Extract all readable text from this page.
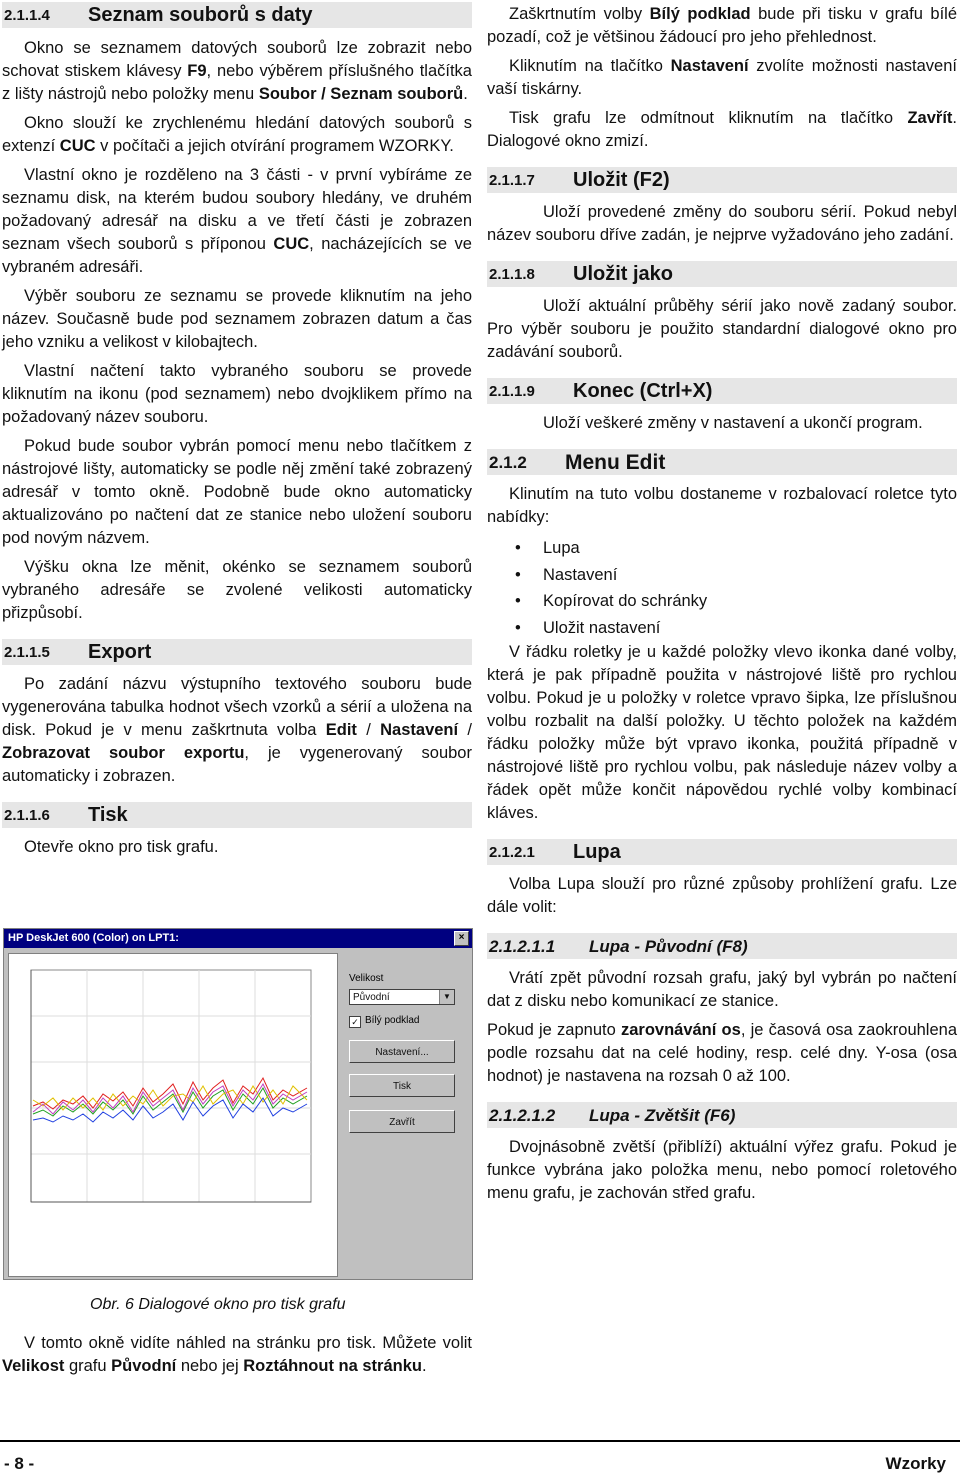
2.1.1.4	Seznam souborů s daty

Okno se seznamem datových souborů lze zobrazit nebo schovat stiskem klávesy F9, nebo výběrem příslušného tlačítka z lišty nástrojů nebo položky menu Soubor / Seznam souborů.

Okno slouží ke zrychlenému hledání datových souborů s extenzí CUC v počítači a jejich otvírání programem WZORKY.

Vlastní okno je rozděleno na 3 části - v první vybíráme ze seznamu disk, na kterém budou soubory hledány, ve druhém požadovaný adresář na disku a ve třetí části je zobrazen seznam všech souborů s příponou CUC, nacházejících se ve vybraném adresáři.

Výběr souboru ze seznamu se provede kliknutím na jeho název. Současně bude pod seznamem zobrazen datum a čas jeho vzniku a velikost v kilobajtech.

Vlastní načtení takto vybraného souboru se provede kliknutím na ikonu (pod seznamem) nebo dvojklikem přímo na požadovaný název souboru.

Pokud bude soubor vybrán pomocí menu nebo tlačítkem z nástrojové lišty, automaticky se podle něj změní také zobrazený adresář v tomto okně. Podobně bude okno automaticky aktualizováno po načtení dat ze stanice nebo uložení souboru pod novým názvem.

Výšku okna lze měnit, okénko se seznamem souborů vybraného adresáře se zvolené velikosti automaticky přizpůsobí.

2.1.1.5	Export

Po zadání názvu výstupního textového souboru bude vygenerována tabulka hodnot všech vzorků a sérií a uložena na disk. Pokud je v menu zaškrtnuta volba Edit / Nastavení / Zobrazovat soubor exportu, je vygenerovaný soubor automaticky i zobrazen.

2.1.1.6	Tisk

Otevře okno pro tisk grafu.

HP DeskJet 600 (Color) on LPT1:	×
Velikost
Původní	▼
✓ Bílý podklad
Nastavení...
Tisk
Zavřít
Obr. 6 Dialogové okno pro tisk grafu

V tomto okně vidíte náhled na stránku pro tisk. Můžete volit Velikost grafu Původní nebo jej Roztáhnout na stránku.

Zaškrtnutím volby Bílý podklad bude při tisku v grafu bílé pozadí, což je většinou žádoucí pro jeho přehlednost.

Kliknutím na tlačítko Nastavení zvolíte možnosti nastavení vaší tiskárny.

Tisk grafu lze odmítnout kliknutím na tlačítko Zavřít. Dialogové okno zmizí.

2.1.1.7	Uložit (F2)

Uloží provedené změny do souboru sérií. Pokud nebyl název souboru dříve zadán, je nejprve vyžadováno jeho zadání.

2.1.1.8	Uložit jako

Uloží aktuální průběhy sérií jako nově zadaný soubor. Pro výběr souboru je použito standardní dialogové okno pro zadávání souborů.

2.1.1.9	Konec (Ctrl+X)

Uloží veškeré změny v nastavení a ukončí program.

2.1.2	Menu Edit

Klinutím na tuto volbu dostaneme v rozbalovací roletce tyto nabídky:

• Lupa
• Nastavení
• Kopírovat do schránky
• Uložit nastavení

V řádku roletky je u každé položky vlevo ikonka dané volby, která je pak případně použita v nástrojové liště pro rychlou volbu. Pokud je u položky v roletce vpravo šipka, lze příslušnou volbu rozbalit na další položky. U těchto položek na každém řádku položky může být vpravo ikonka, použitá případně v nástrojové liště pro rychlou volbu, pak následuje název volby a řádek opět může končit nápovědou rychlé volby kombinací kláves.

2.1.2.1	Lupa

Volba Lupa slouží pro různé způsoby prohlížení grafu. Lze dále volit:

2.1.2.1.1	Lupa - Původní (F8)

Vrátí zpět původní rozsah grafu, jaký byl vybrán po načtení dat z disku nebo komunikací ze stanice.

Pokud je zapnuto zarovnávání os, je časová osa zaokrouhlena podle rozsahu dat na celé hodiny, resp. celé dny. Y-osa (osa hodnot) je nastavena na rozsah 0 až 100.

2.1.2.1.2	Lupa - Zvětšit (F6)

Dvojnásobně zvětší (přiblíží) aktuální výřez grafu. Pokud je funkce vybrána jako položka menu, nebo pomocí roletového menu grafu, je zachován střed grafu.

- 8 -	Wzorky
